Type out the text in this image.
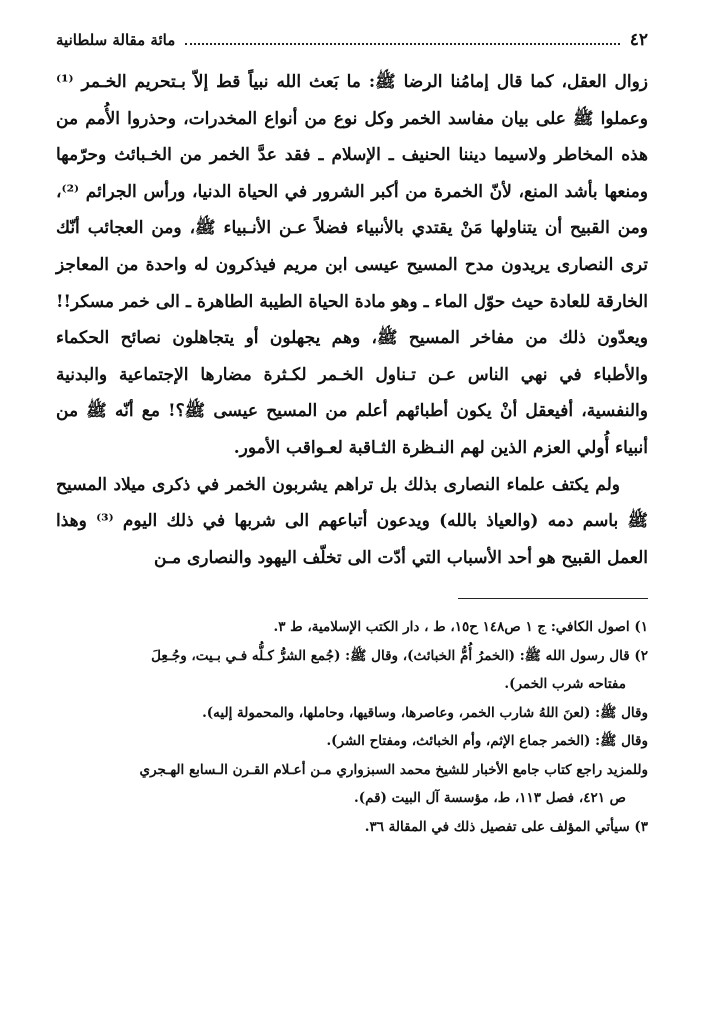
٤٢
مائة مقالة سلطانية

زوال العقل، كما قال إمامُنا الرضا ﷺ: ما بَعث الله نبياً قط إلاّ بـتحريم الخـمر ⁽¹⁾ وعملوا ﷺ على بيان مفاسد الخمر وكل نوع من أنواع المخدرات، وحذروا الأُمم من هذه المخاطر ولاسيما ديننا الحنيف ـ الإسلام ـ فقد عدَّ الخمر من الخـبائث وحرّمها ومنعها بأشد المنع، لأنّ الخمرة من أكبر الشرور في الحياة الدنيا، ورأس الجرائم ⁽²⁾، ومن القبيح أن يتناولها مَنْ يقتدي بالأنبياء فضلاً عـن الأنـبياء ﷺ، ومن العجائب أنّك ترى النصارى يريدون مدح المسيح عيسى ابن مريم فيذكرون له واحدة من المعاجز الخارقة للعادة حيث حوّل الماء ـ وهو مادة الحياة الطيبة الطاهرة ـ الى خمر مسكر!! ويعدّون ذلك من مفاخر المسيح ﷺ، وهم يجهلون أو يتجاهلون نصائح الحكماء والأطباء في نهي الناس عـن تـناول الخـمر لكـثرة مضارها الإجتماعية والبدنية والنفسية، أفيعقل أنْ يكون أطبائهم أعلم من المسيح عيسى ﷺ؟! مع أنّه ﷺ من أنبياء أُولي العزم الذين لهم النـظرة الثـاقبة لعـواقب الأمور.

ولم يكتف علماء النصارى بذلك بل تراهم يشربون الخمر في ذكرى ميلاد المسيح ﷺ باسم دمه (والعياذ بالله) ويدعون أتباعهم الى شربها في ذلك اليوم ⁽³⁾ وهذا العمل القبيح هو أحد الأسباب التي أدّت الى تخلّف اليهود والنصارى مـن

١) اصول الكافي: ج ١ ص١٤٨ ح١٥، ط ، دار الكتب الإسلامية، ط ٣.

٢) قال رسول الله ﷺ: (الخمرُ أُمُّ الخبائث)، وقال ﷺ: (جُمع الشرُّ كـلُّه فـي بـيت، وجُـعِلَ

مفتاحه شرب الخمر).

وقال ﷺ: (لعنَ اللهُ شارب الخمر، وعاصرها، وساقيها، وحاملها، والمحمولة إليه).

وقال ﷺ: (الخمر جماع الإثم، وأم الخبائث، ومفتاح الشر).

وللمزيد راجع كتاب جامع الأخبار للشيخ محمد السبزواري مـن أعـلام القـرن الـسابع الهـجري

ص ٤٢١، فصل ١١٣، ط، مؤسسة آل البيت (قم).

٣) سيأتي المؤلف على تفصيل ذلك في المقالة ٣٦.
